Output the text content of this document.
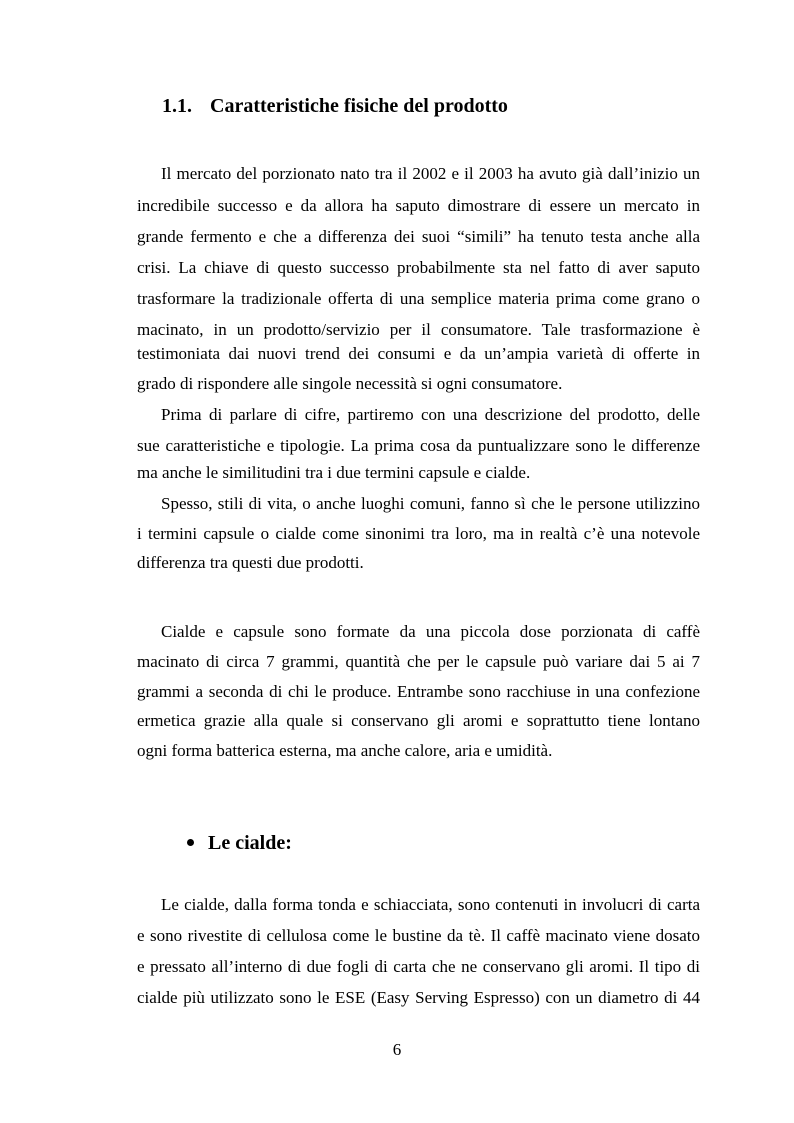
1.1. Caratteristiche fisiche del prodotto
Il mercato del porzionato nato tra il 2002 e il 2003 ha avuto già dall’inizio un
incredibile successo e da allora ha saputo dimostrare di essere un mercato in
grande fermento e che a differenza dei suoi “simili” ha tenuto testa anche alla
crisi. La chiave di questo successo probabilmente sta nel fatto di aver saputo
trasformare la tradizionale offerta di una semplice materia prima come grano o
macinato, in un prodotto/servizio per il consumatore. Tale trasformazione è
testimoniata dai nuovi trend dei consumi e da un’ampia varietà di offerte in
grado di rispondere alle singole necessità si ogni consumatore.
Prima di parlare di cifre, partiremo con una descrizione del prodotto, delle
sue caratteristiche e tipologie. La prima cosa da puntualizzare sono le differenze
ma anche le similitudini tra i due termini capsule e cialde.
Spesso, stili di vita, o anche luoghi comuni, fanno sì che le persone utilizzino
i termini capsule o cialde come sinonimi tra loro, ma in realtà c’è una notevole
differenza tra questi due prodotti.
Cialde e capsule sono formate da una piccola dose porzionata di caffè
macinato di circa 7 grammi, quantità che per le capsule può variare dai 5 ai 7
grammi a seconda di chi le produce. Entrambe sono racchiuse in una confezione
ermetica grazie alla quale si conservano gli aromi e soprattutto tiene lontano
ogni forma batterica esterna, ma anche calore, aria e umidità.
Le cialde:
Le cialde, dalla forma tonda e schiacciata, sono contenuti in involucri di carta
e sono rivestite di cellulosa come le bustine da tè. Il caffè macinato viene dosato
e pressato all’interno di due fogli di carta che ne conservano gli aromi. Il tipo di
cialde più utilizzato sono le ESE (Easy Serving Espresso) con un diametro di 44
6
